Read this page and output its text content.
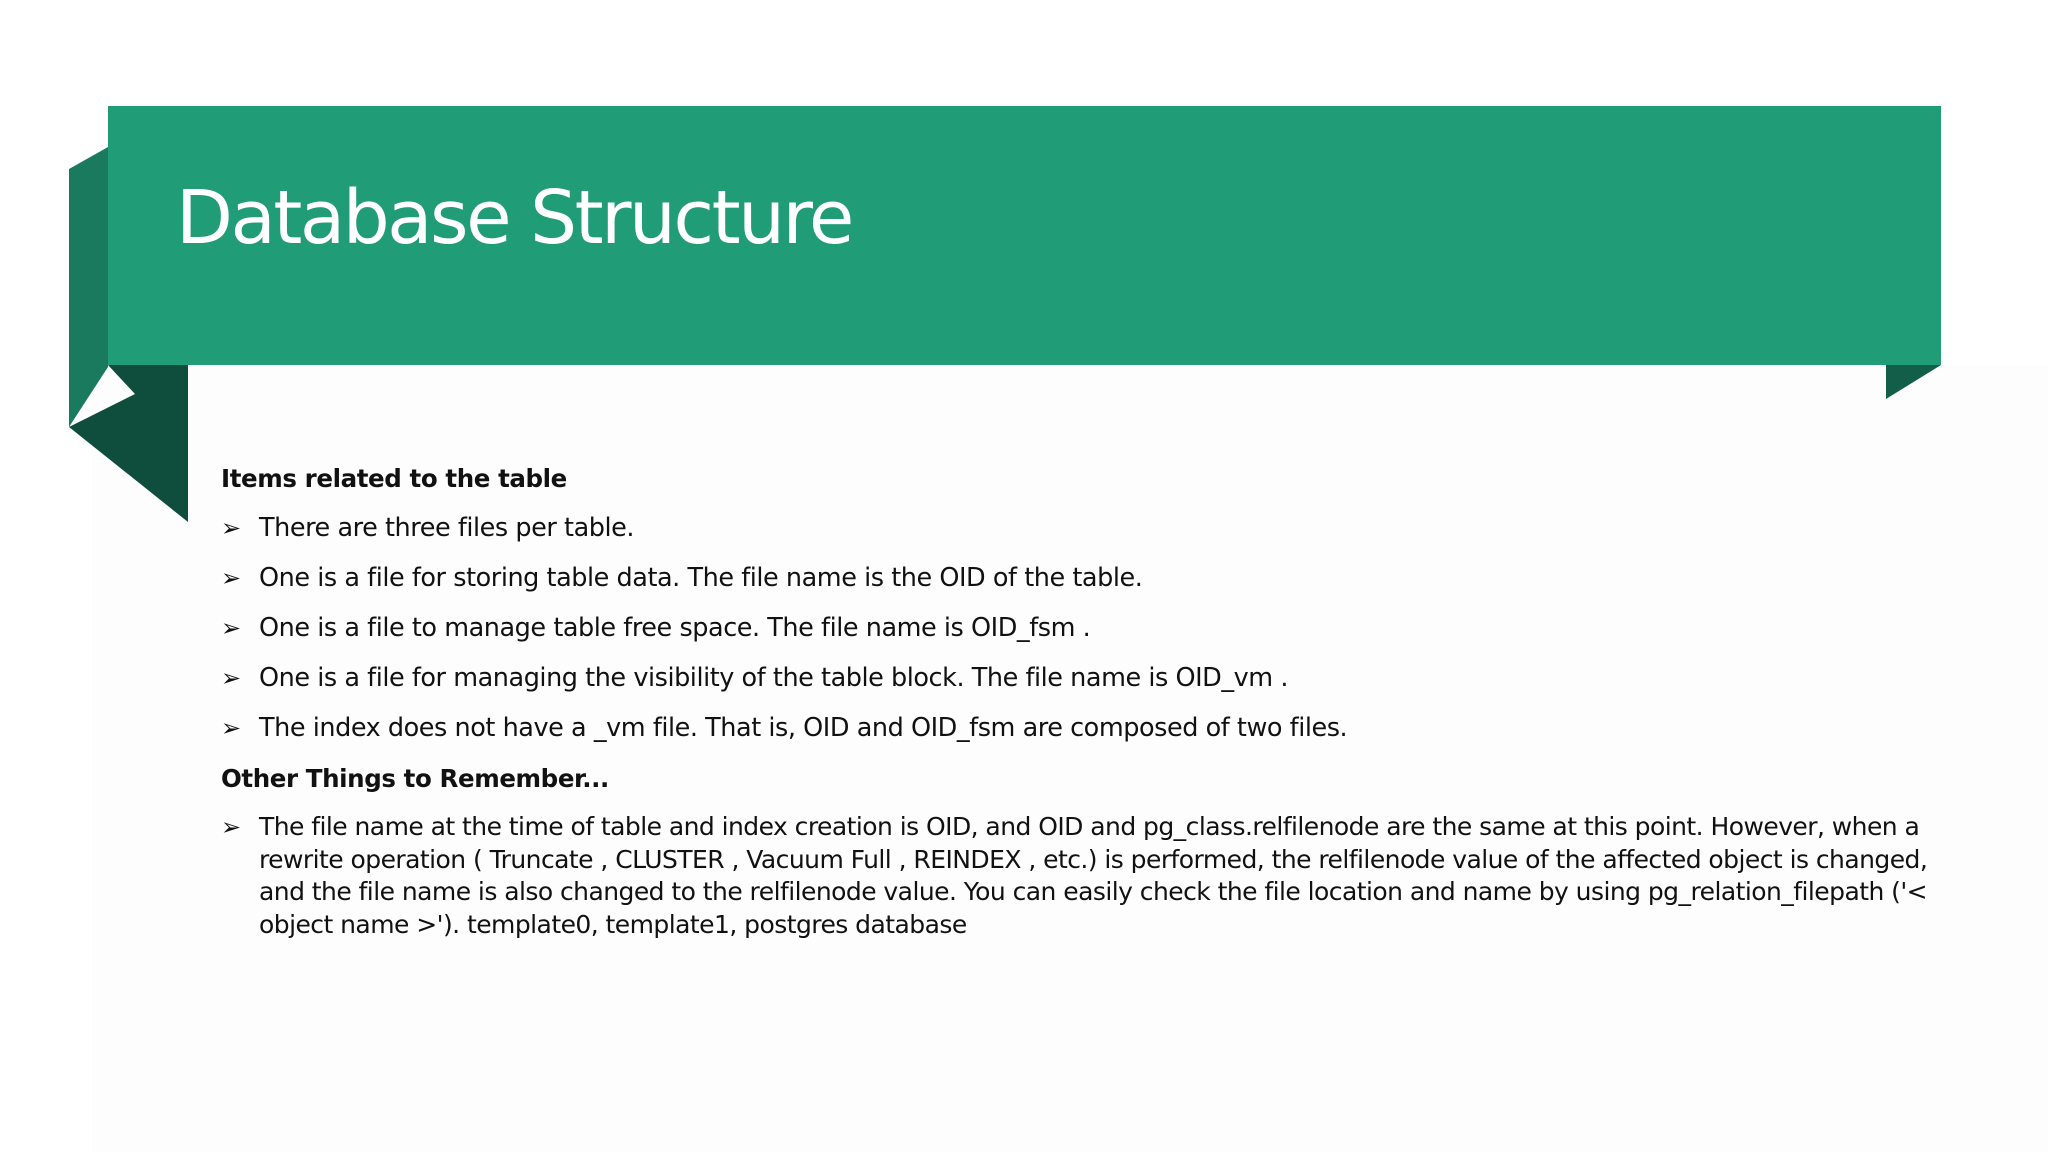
Database Structure
Items related to the table
➢ There are three files per table.
➢ One is a file for storing table data. The file name is the OID of the table.
➢ One is a file to manage table free space. The file name is OID_fsm .
➢ One is a file for managing the visibility of the table block. The file name is OID_vm .
➢ The index does not have a _vm file. That is, OID and OID_fsm are composed of two files.
Other Things to Remember...
➢ The file name at the time of table and index creation is OID, and OID and pg_class.relfilenode are the same at this point. However, when a rewrite operation ( Truncate , CLUSTER , Vacuum Full , REINDEX , etc.) is performed, the relfilenode value of the affected object is changed, and the file name is also changed to the relfilenode value. You can easily check the file location and name by using pg_relation_filepath ('< object name >'). template0, template1, postgres database
